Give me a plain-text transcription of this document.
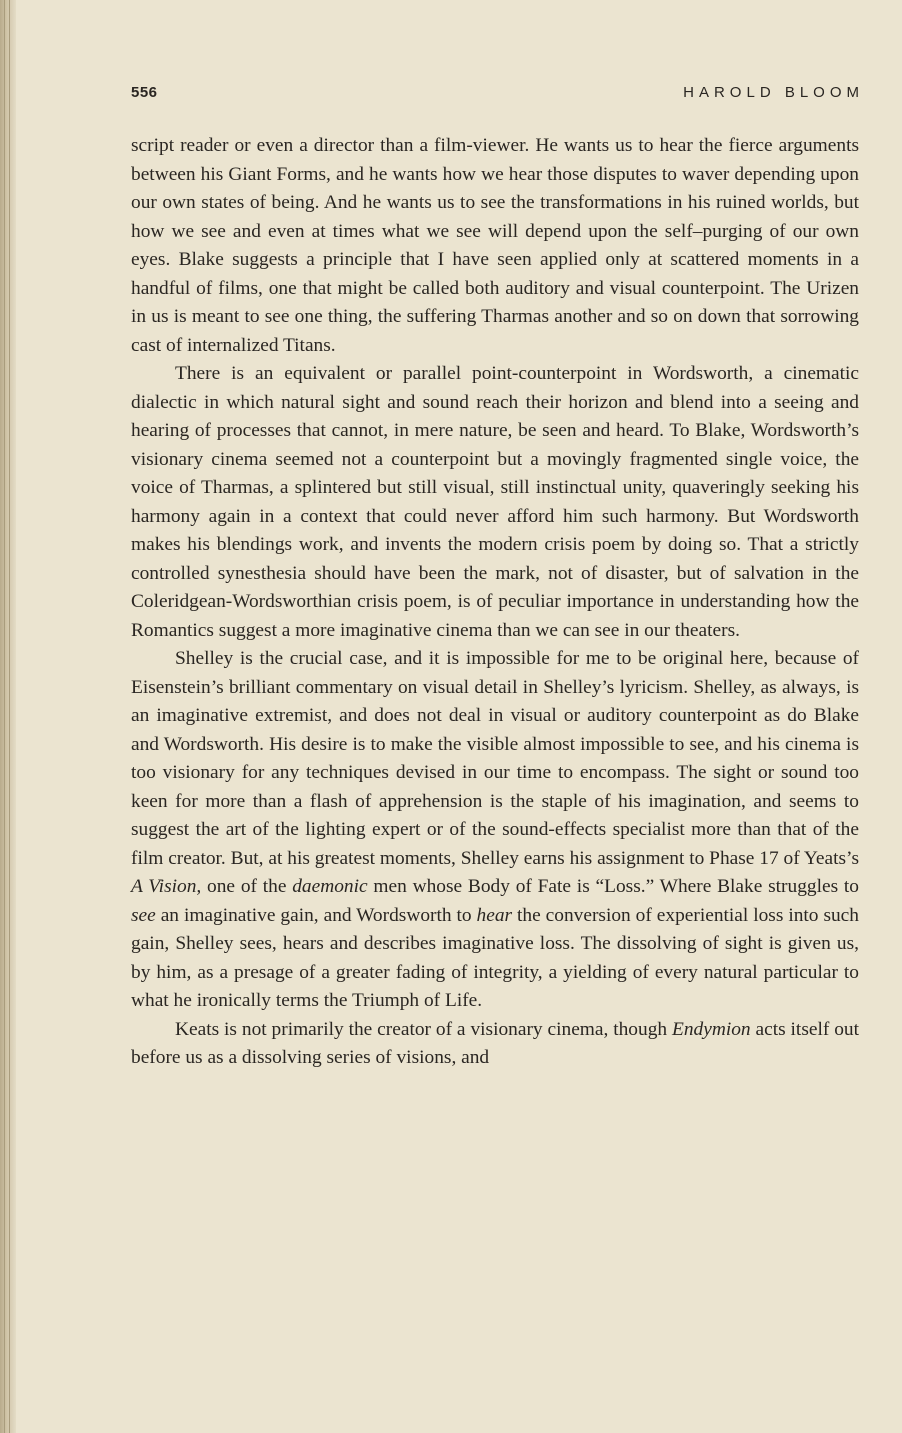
556	HAROLD BLOOM

script reader or even a director than a film-viewer. He wants us to hear the fierce arguments between his Giant Forms, and he wants how we hear those disputes to waver depending upon our own states of being. And he wants us to see the transformations in his ruined worlds, but how we see and even at times what we see will depend upon the self–purging of our own eyes. Blake suggests a principle that I have seen applied only at scattered moments in a handful of films, one that might be called both auditory and visual counterpoint. The Urizen in us is meant to see one thing, the suffering Tharmas another and so on down that sorrowing cast of internalized Titans.

There is an equivalent or parallel point-counterpoint in Wordsworth, a cinematic dialectic in which natural sight and sound reach their horizon and blend into a seeing and hearing of processes that cannot, in mere nature, be seen and heard. To Blake, Wordsworth’s visionary cinema seemed not a counterpoint but a movingly fragmented single voice, the voice of Tharmas, a splintered but still visual, still instinctual unity, quaveringly seeking his harmony again in a context that could never afford him such harmony. But Wordsworth makes his blendings work, and invents the modern crisis poem by doing so. That a strictly controlled synesthesia should have been the mark, not of disaster, but of salvation in the Coleridgean-Wordsworthian crisis poem, is of peculiar importance in understanding how the Romantics suggest a more imaginative cinema than we can see in our theaters.

Shelley is the crucial case, and it is impossible for me to be original here, because of Eisenstein’s brilliant commentary on visual detail in Shelley’s lyricism. Shelley, as always, is an imaginative extremist, and does not deal in visual or auditory counterpoint as do Blake and Wordsworth. His desire is to make the visible almost impossible to see, and his cinema is too visionary for any techniques devised in our time to encompass. The sight or sound too keen for more than a flash of apprehension is the staple of his imagination, and seems to suggest the art of the lighting expert or of the sound-effects specialist more than that of the film creator. But, at his greatest moments, Shelley earns his assignment to Phase 17 of Yeats’s A Vision, one of the daemonic men whose Body of Fate is “Loss.” Where Blake struggles to see an imaginative gain, and Wordsworth to hear the conversion of experiential loss into such gain, Shelley sees, hears and describes imaginative loss. The dissolving of sight is given us, by him, as a presage of a greater fading of integrity, a yielding of every natural particular to what he ironically terms the Triumph of Life.

Keats is not primarily the creator of a visionary cinema, though Endymion acts itself out before us as a dissolving series of visions, and
